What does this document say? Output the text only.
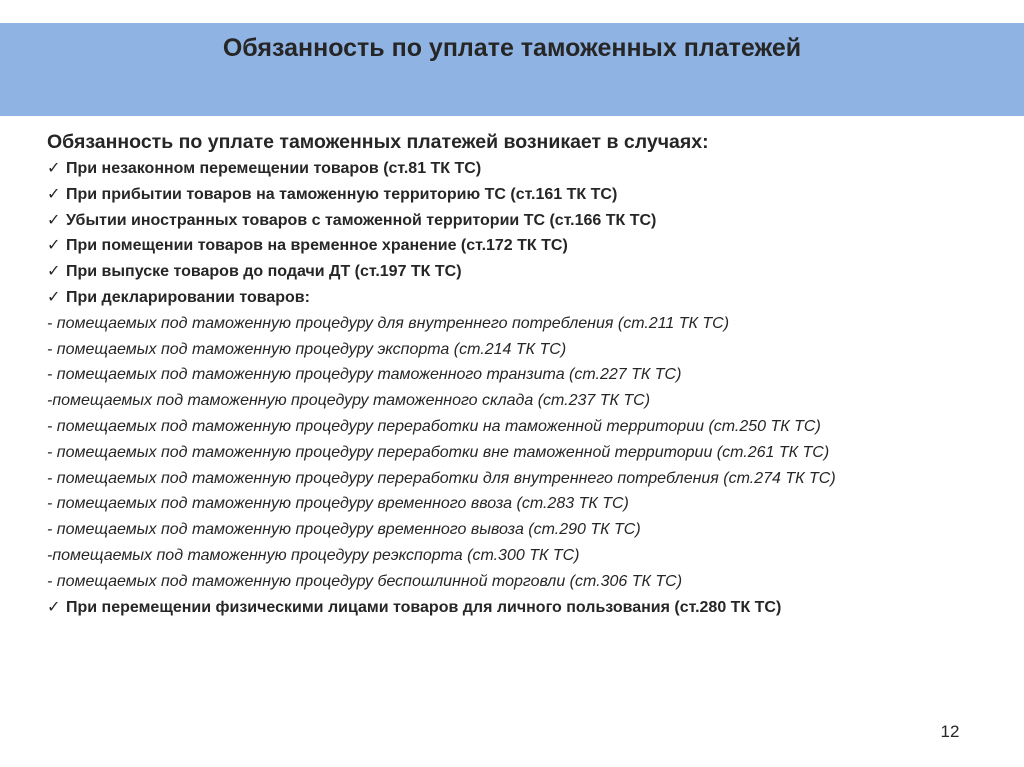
Обязанность по уплате таможенных платежей

Обязанность по уплате таможенных платежей возникает в случаях:

✓ При незаконном перемещении товаров (ст.81 ТК ТС)
✓ При прибытии товаров на таможенную территорию ТС (ст.161 ТК ТС)
✓ Убытии иностранных товаров с таможенной территории ТС (ст.166 ТК ТС)
✓ При помещении товаров на временное хранение (ст.172 ТК ТС)
✓ При выпуске товаров до подачи ДТ (ст.197 ТК ТС)
✓ При декларировании товаров:
- помещаемых под таможенную процедуру для внутреннего потребления (ст.211 ТК ТС)
- помещаемых под таможенную процедуру экспорта (ст.214 ТК ТС)
- помещаемых под таможенную процедуру таможенного транзита (ст.227 ТК ТС)
-помещаемых под таможенную процедуру таможенного склада (ст.237 ТК ТС)
- помещаемых под таможенную процедуру переработки на таможенной территории (ст.250 ТК ТС)
- помещаемых под таможенную процедуру переработки вне таможенной территории (ст.261 ТК ТС)
- помещаемых под таможенную процедуру переработки для внутреннего потребления (ст.274 ТК ТС)
- помещаемых под таможенную процедуру временного ввоза (ст.283 ТК ТС)
- помещаемых под таможенную процедуру временного вывоза (ст.290 ТК ТС)
-помещаемых под таможенную процедуру реэкспорта (ст.300 ТК ТС)
- помещаемых под таможенную процедуру беспошлинной торговли (ст.306 ТК ТС)
✓ При перемещении физическими лицами товаров для личного пользования (ст.280 ТК ТС)
12
